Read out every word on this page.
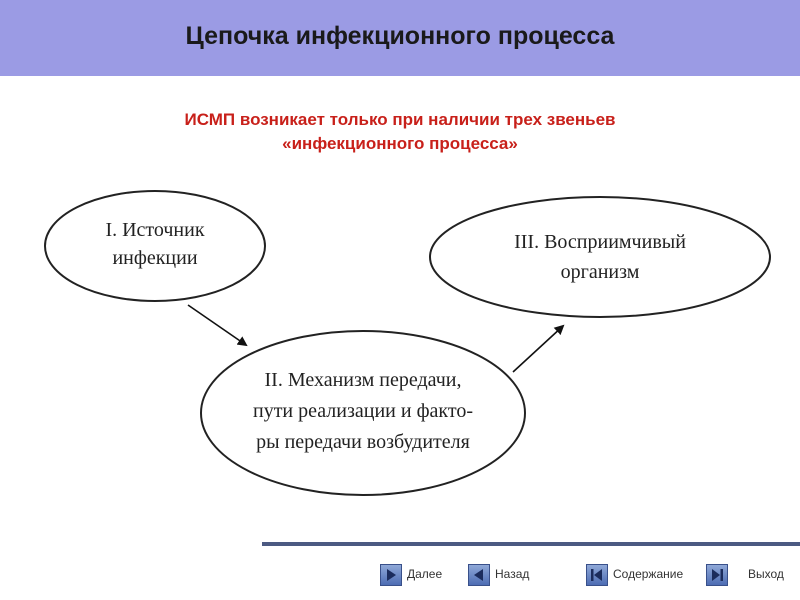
Цепочка инфекционного процесса
ИСМП возникает только при наличии трех звеньев
«инфекционного процесса»
I. Источник
инфекции
III. Восприимчивый
организм
II. Механизм передачи,
пути реализации и факто-
ры передачи возбудителя
Далее	Назад	Содержание	Выход
